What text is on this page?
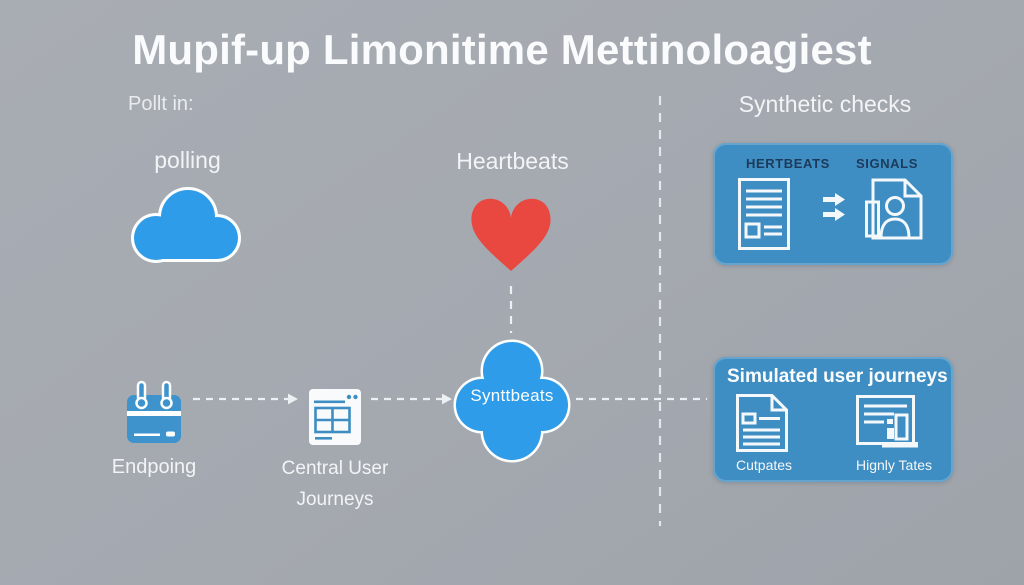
Mupif-up Limonitime Mettinoloagiest
Pollt in:
polling	Heartbeats
Synthetic checks
Endpoing	Central User
Journeys
Synttbeats
HERTBEATS SIGNALS
Simulated user journeys
Cutpates	Hignly Tates
